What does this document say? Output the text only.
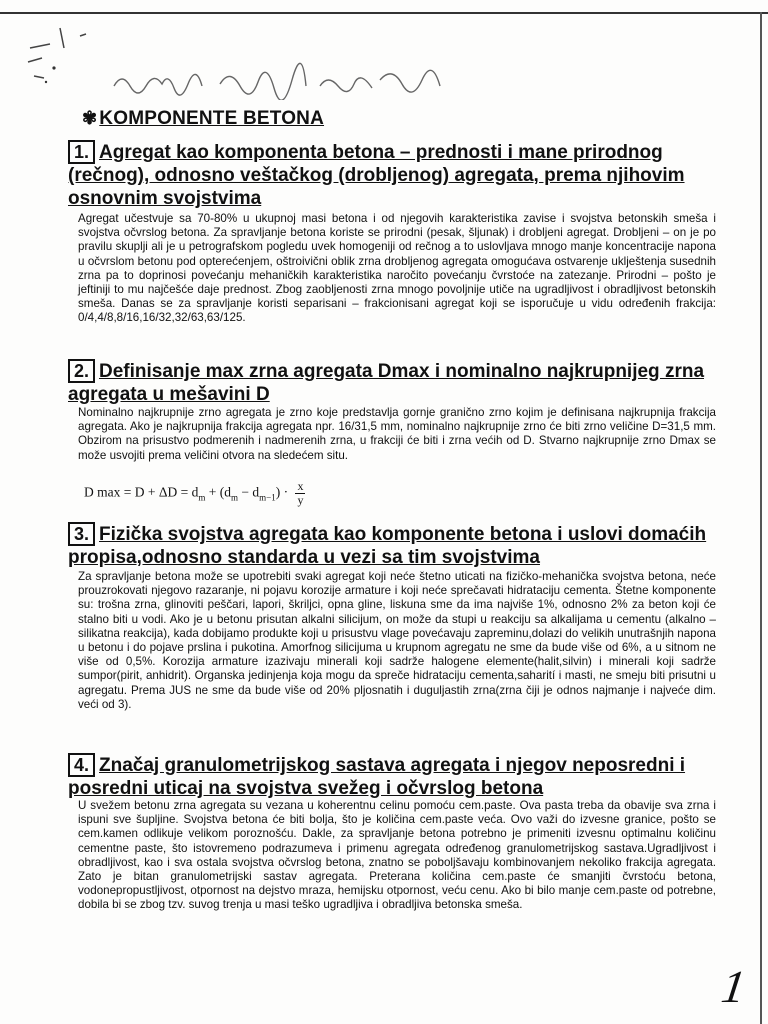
✾ KOMPONENTE BETONA
1. Agregat kao komponenta betona – prednosti i mane prirodnog (rečnog), odnosno veštačkog (drobljenog) agregata, prema njihovim osnovnim svojstvima
Agregat učestvuje sa 70-80% u ukupnoj masi betona i od njegovih karakteristika zavise i svojstva betonskih smeša i svojstva očvrslog betona. Za spravljanje betona koriste se prirodni (pesak, šljunak) i drobljeni agregat. Drobljeni – on je po pravilu skuplji ali je u petrografskom pogledu uvek homogeniji od rečnog a to uslovljava mnogo manje koncentracije napona u očvrslom betonu pod opterećenjem, oštroivični oblik zrna drobljenog agregata omogućava ostvarenje uklještenja susednih zrna pa to doprinosi povećanju mehaničkih karakteristika naročito povećanju čvrstoće na zatezanje. Prirodni – pošto je jeftiniji to mu najčešće daje prednost. Zbog zaobljenosti zrna mnogo povoljnije utiče na ugradljivost i obradljivost betonskih smeša. Danas se za spravljanje koristi separisani – frakcionisani agregat koji se isporučuje u vidu određenih frakcija: 0/4,4/8,8/16,16/32,32/63,63/125.
2. Definisanje max zrna agregata Dmax i nominalno najkrupnijeg zrna agregata u mešavini D
Nominalno najkrupnije zrno agregata je zrno koje predstavlja gornje granično zrno kojim je definisana najkrupnija frakcija agregata. Ako je najkrupnija frakcija agregata npr. 16/31,5 mm, nominalno najkrupnije zrno će biti zrno veličine D=31,5 mm. Obzirom na prisustvo podmerenih i nadmerenih zrna, u frakciji će biti i zrna većih od D. Stvarno najkrupnije zrno Dmax se može usvojiti prema veličini otvora na sledećem situ.
D $\max = D + \Delta D = d_m + (d_m - d_{m-1}) \cdot \frac{x}{y}$
3. Fizička svojstva agregata kao komponente betona i uslovi domaćih propisa,odnosno standarda u vezi sa tim svojstvima
Za spravljanje betona može se upotrebiti svaki agregat koji neće štetno uticati na fizičko-mehanička svojstva betona, neće prouzrokovati njegovo razaranje, ni pojavu korozije armature i koji neće sprečavati hidrataciju cementa. Štetne komponente su: trošna zrna, glinoviti peščari, lapori, škriljci, opna gline, liskuna sme da ima najviše 1%, odnosno 2% za beton koji će stalno biti u vodi. Ako je u betonu prisutan alkalni silicijum, on može da stupi u reakciju sa alkalijama u cementu (alkalno – silikatna reakcija), kada dobijamo produkte koji u prisustvu vlage povećavaju zapreminu,dolazi do velikih unutrašnjih napona u betonu i do pojave prslina i pukotina. Amorfnog silicijuma u krupnom agregatu ne sme da bude više od 6%, a u sitnom ne više od 0,5%. Korozija armature izazivaju minerali koji sadrže halogene elemente(halit,silvin) i minerali koji sadrže sumpor(pirit, anhidrit). Organska jedinjenja koja mogu da spreče hidrataciju cementa,saharití i masti, ne smeju biti prisutni u agregatu. Prema JUS ne sme da bude više od 20% pljosnatih i duguljastih zrna(zrna čiji je odnos najmanje i najveće dim. veći od 3).
4. Značaj granulometrijskog sastava agregata i njegov neposredni i posredni uticaj na svojstva svežeg i očvrslog betona
U svežem betonu zrna agregata su vezana u koherentnu celinu pomoću cem.paste. Ova pasta treba da obavije sva zrna i ispuni sve šupljine. Svojstva betona će biti bolja, što je količina cem.paste veća. Ovo važi do izvesne granice, pošto se cem.kamen odlikuje velikom poroznošću. Dakle, za spravljanje betona potrebno je primeniti izvesnu optimalnu količinu cementne paste, što istovremeno podrazumeva i primenu agregata određenog granulometrijskog sastava.Ugradljivost i obradljivost, kao i sva ostala svojstva očvrslog betona, znatno se poboljšavaju kombinovanjem nekoliko frakcija agregata. Zato je bitan granulometrijski sastav agregata. Preterana količina cem.paste će smanjiti čvrstoću betona, vodonepropustljivost, otpornost na dejstvo mraza, hemijsku otpornost, veću cenu. Ako bi bilo manje cem.paste od potrebne, dobila bi se zbog tzv. suvog trenja u masi teško ugradljiva i obradljiva betonska smeša.
1
